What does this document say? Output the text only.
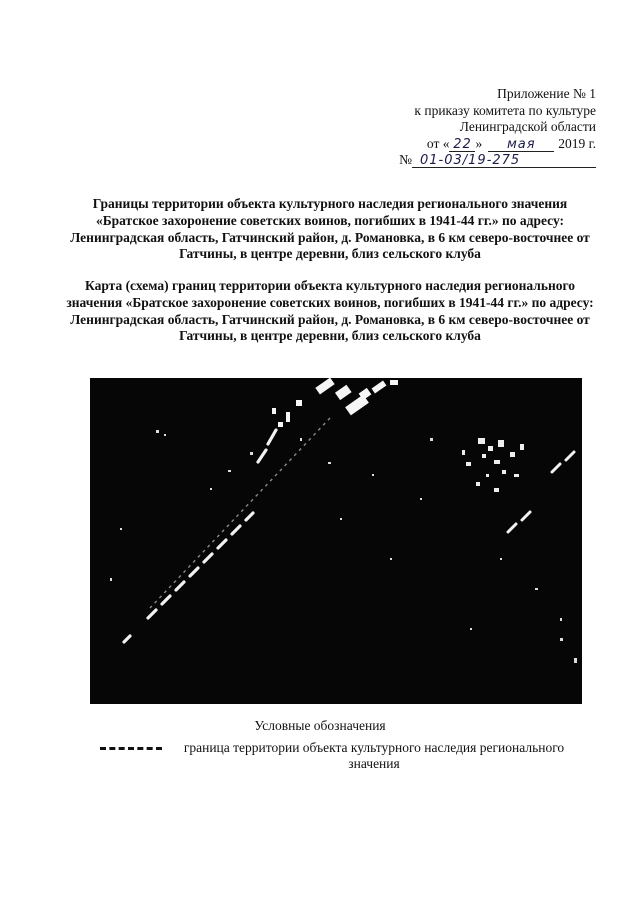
Приложение № 1
к приказу комитета по культуре
Ленинградской области
от « 22 »	мая	2019 г.
№ 01-03/19-275
Границы территории объекта культурного наследия регионального значения «Братское захоронение советских воинов, погибших в 1941-44 гг.» по адресу: Ленинградская область, Гатчинский район, д. Романовка, в 6 км северо-восточнее от Гатчины, в центре деревни, близ сельского клуба
Карта (схема) границ территории объекта культурного наследия регионального значения «Братское захоронение советских воинов, погибших в 1941-44 гг.» по адресу: Ленинградская область, Гатчинский район, д. Романовка, в 6 км северо-восточнее от Гатчины, в центре деревни, близ сельского клуба
Условные обозначения
граница территории объекта культурного наследия регионального значения
